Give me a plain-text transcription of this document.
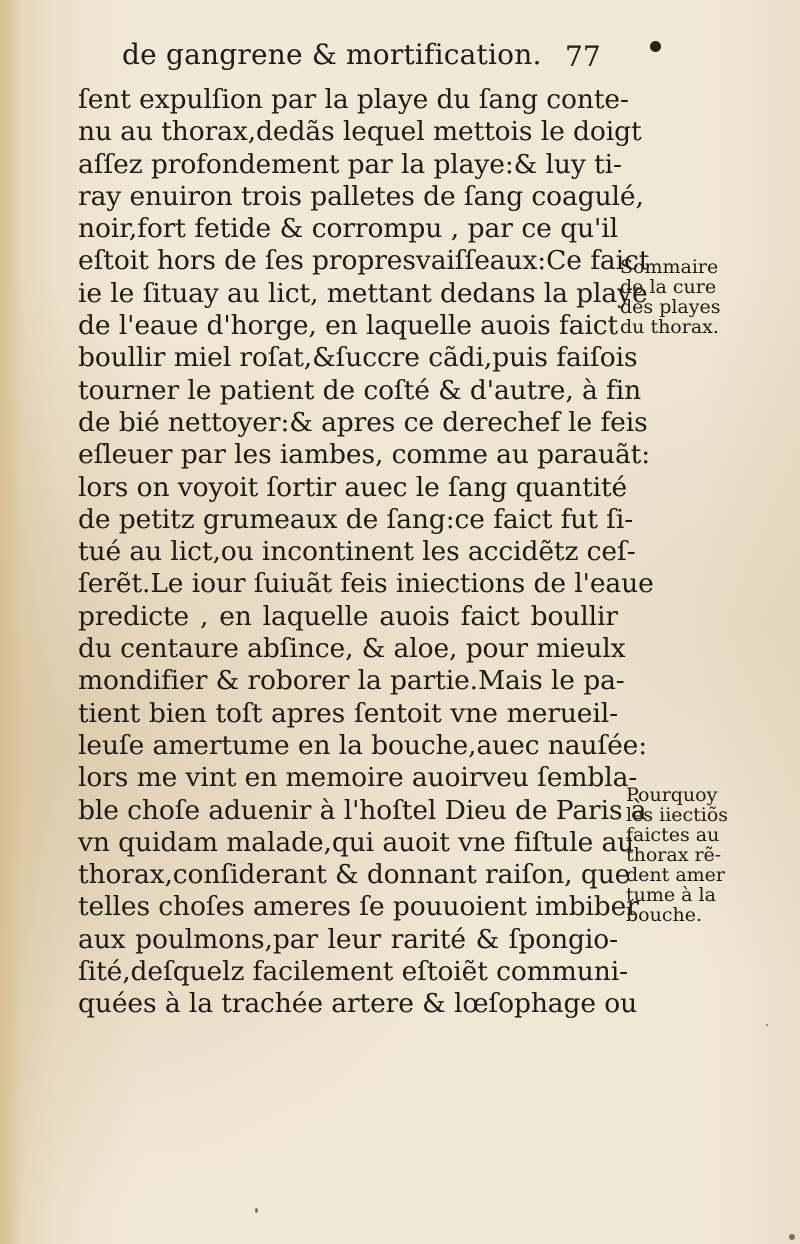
de gangrene & mortification. 77
ſent expulſion par la playe du ſang conte-
nu au thorax,dedãs lequel mettois le doigt
aſſez profondement par la playe:& luy ti-
ray enuiron trois palletes de ſang coagulé,
noir,fort fetide & corrompu , par ce qu'il
eſtoit hors de ſes propresvaiſſeaux:Ce faict
ie le ſituay au lict, mettant dedans la playe
de l'eaue d'horge, en laquelle auois faict
boullir miel roſat,&ſuccre cãdi,puis faiſois
tourner le patient de coſté & d'autre, à fin
de bié nettoyer:& apres ce derechef le feis
eſleuer par les iambes, comme au parauãt:
lors on voyoit ſortir auec le ſang quantité
de petitz grumeaux de ſang:ce faict fut ſi-
tué au lict,ou incontinent les accidẽtz ceſ-
ſerẽt.Le iour ſuiuãt feis iniections de l'eaue
predicte , en laquelle auois faict boullir
du centaure abſince, & aloe, pour mieulx
mondifier & roborer la partie.Mais le pa-
tient bien toſt apres ſentoit vne merueil-
leuſe amertume en la bouche,auec nauſée:
lors me vint en memoire auoirveu ſembla-
ble choſe aduenir à l'hoſtel Dieu de Paris à
vn quidam malade,qui auoit vne fiſtule au
thorax,conſiderant & donnant raiſon, que
telles choſes ameres ſe pouuoient imbiber
aux poulmons,par leur rarité & ſpongio-
ſité,deſquelz facilement eſtoiẽt communi-
quées à la trachée artere & lœſophage ou
Sommaire
de la cure
des playes
du thorax.
Pourquoy
les iiectiõs
faictes au
thorax rẽ-
dent amer
tume à la
bouche.
